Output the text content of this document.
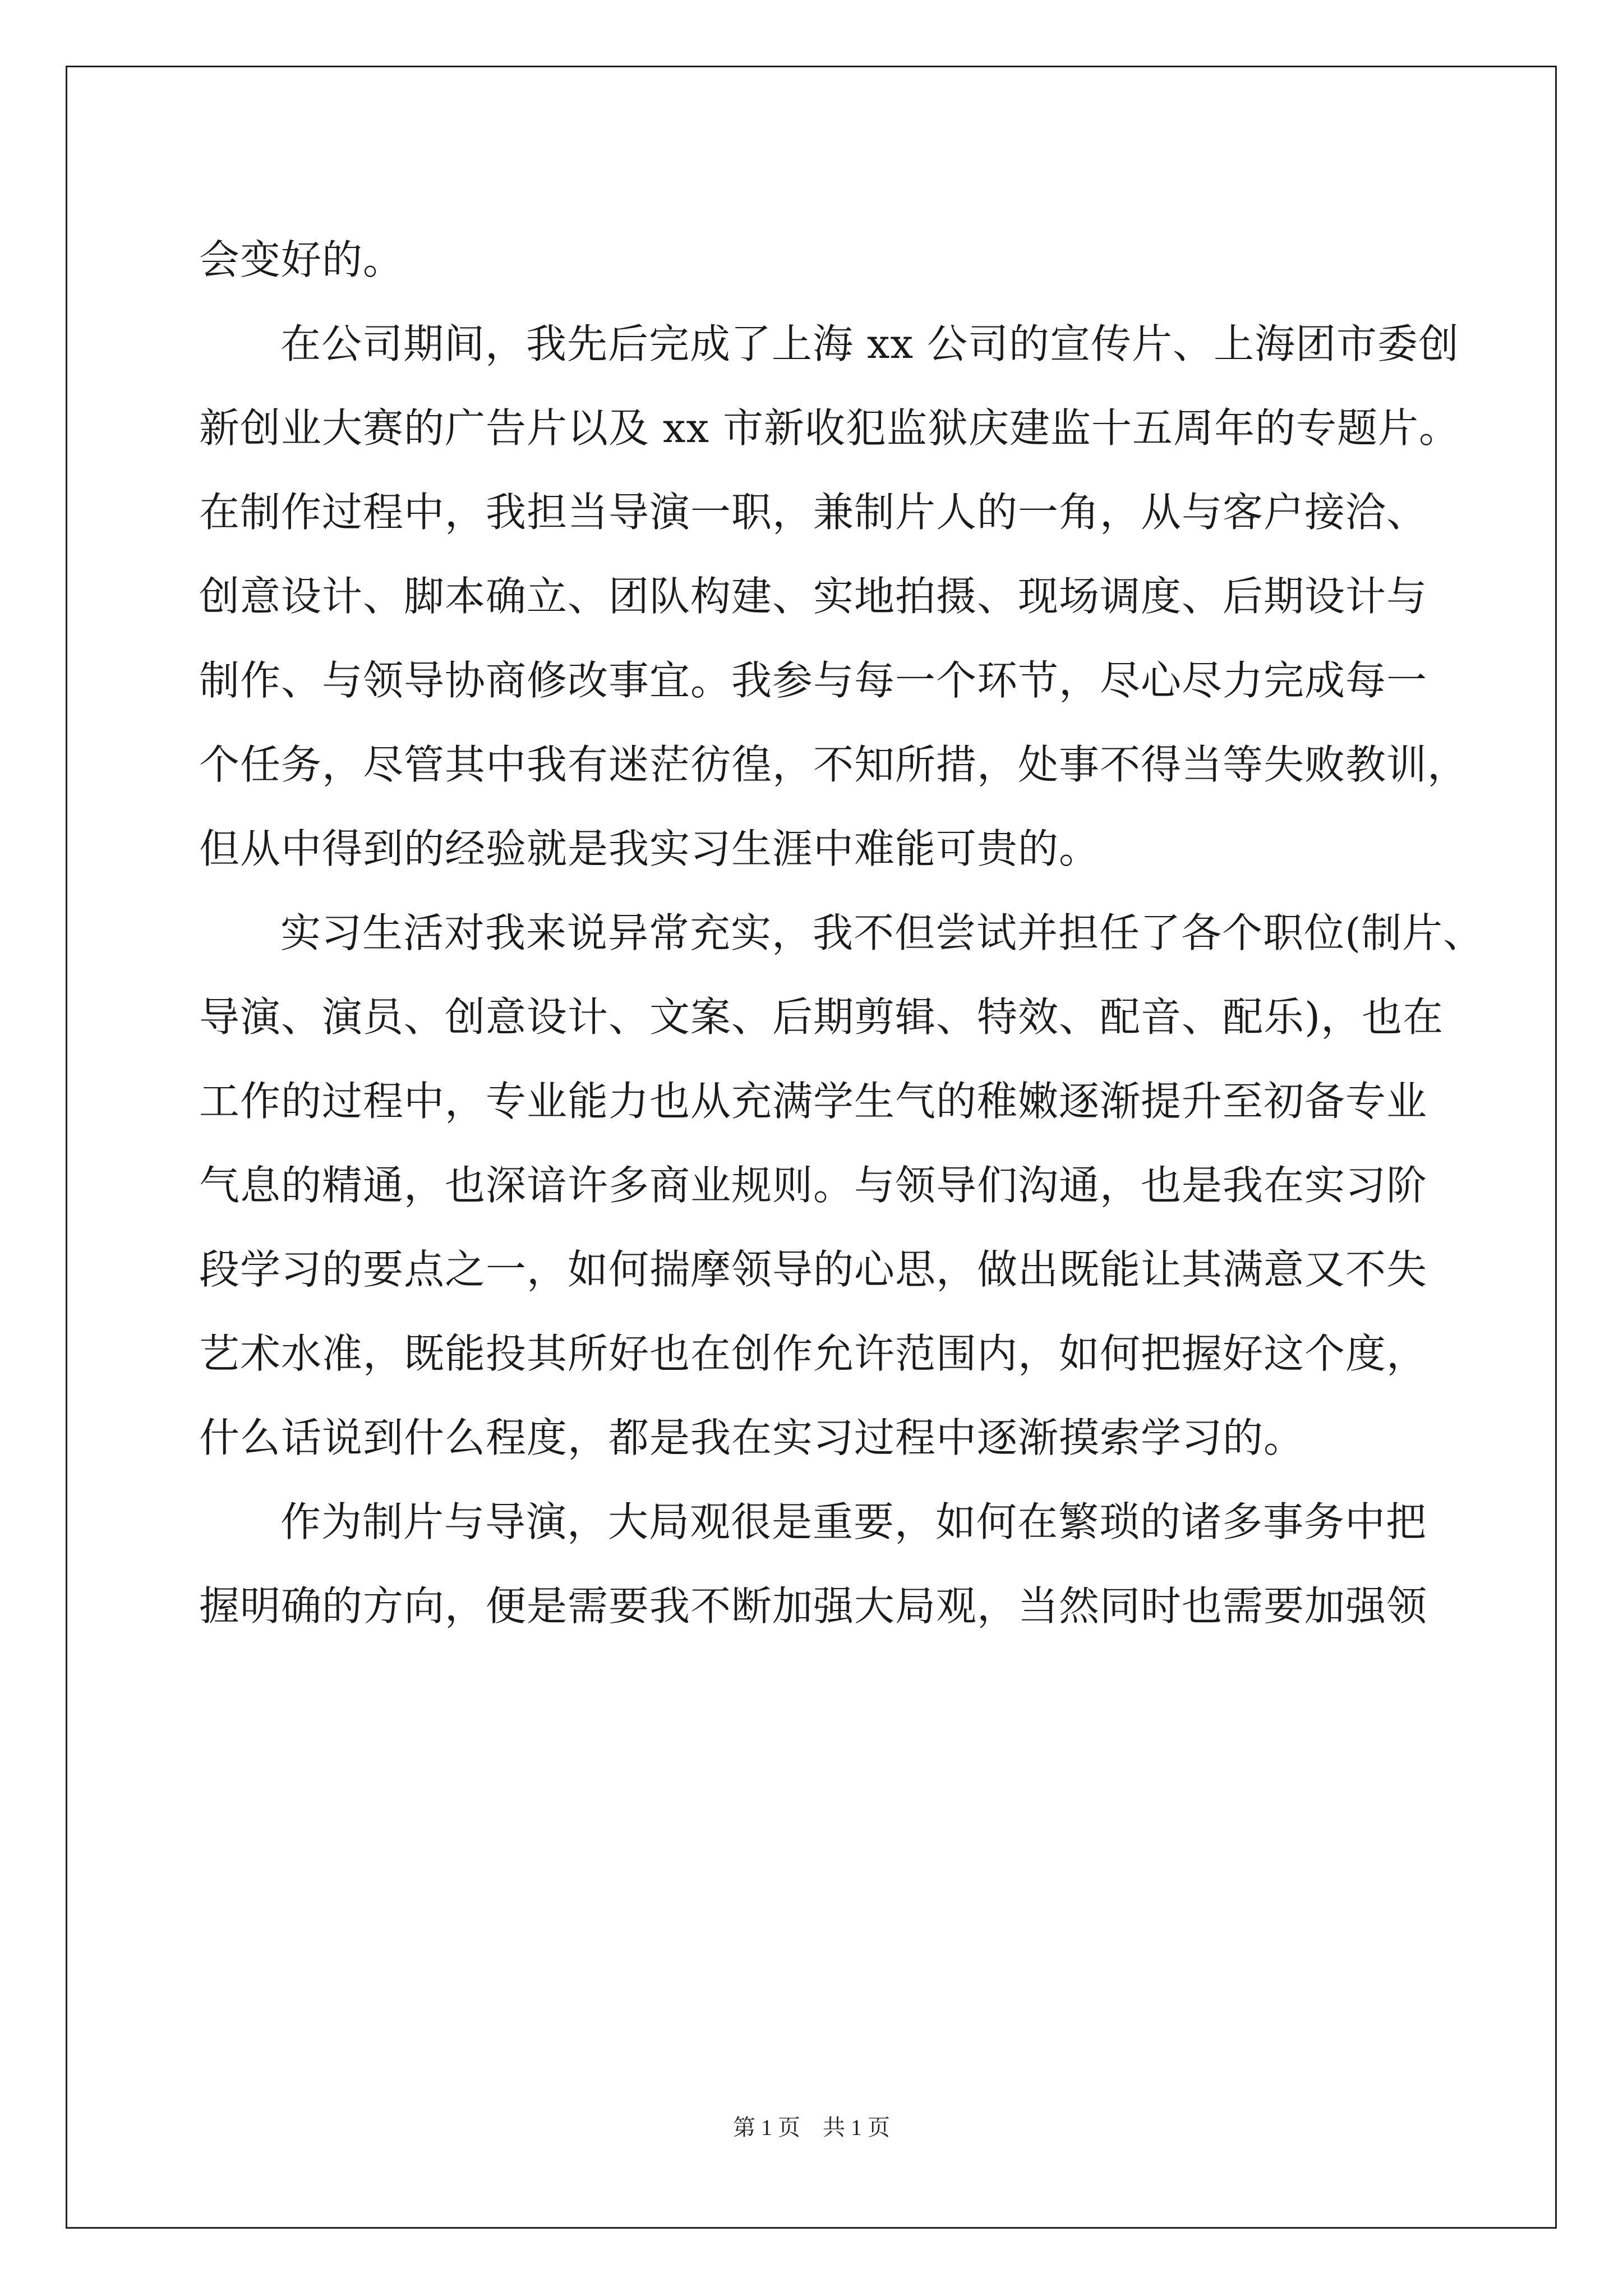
会变好的。
在公司期间，我先后完成了上海 xx 公司的宣传片、上海团市委创
新创业大赛的广告片以及 xx 市新收犯监狱庆建监十五周年的专题片。
在制作过程中，我担当导演一职，兼制片人的一角，从与客户接洽、
创意设计、脚本确立、团队构建、实地拍摄、现场调度、后期设计与
制作、与领导协商修改事宜。我参与每一个环节，尽心尽力完成每一
个任务，尽管其中我有迷茫彷徨，不知所措，处事不得当等失败教训，
但从中得到的经验就是我实习生涯中难能可贵的。
实习生活对我来说异常充实，我不但尝试并担任了各个职位(制片、
导演、演员、创意设计、文案、后期剪辑、特效、配音、配乐)，也在
工作的过程中，专业能力也从充满学生气的稚嫩逐渐提升至初备专业
气息的精通，也深谙许多商业规则。与领导们沟通，也是我在实习阶
段学习的要点之一，如何揣摩领导的心思，做出既能让其满意又不失
艺术水准，既能投其所好也在创作允许范围内，如何把握好这个度，
什么话说到什么程度，都是我在实习过程中逐渐摸索学习的。
作为制片与导演，大局观很是重要，如何在繁琐的诸多事务中把
握明确的方向，便是需要我不断加强大局观，当然同时也需要加强领
第 1 页　共 1 页
